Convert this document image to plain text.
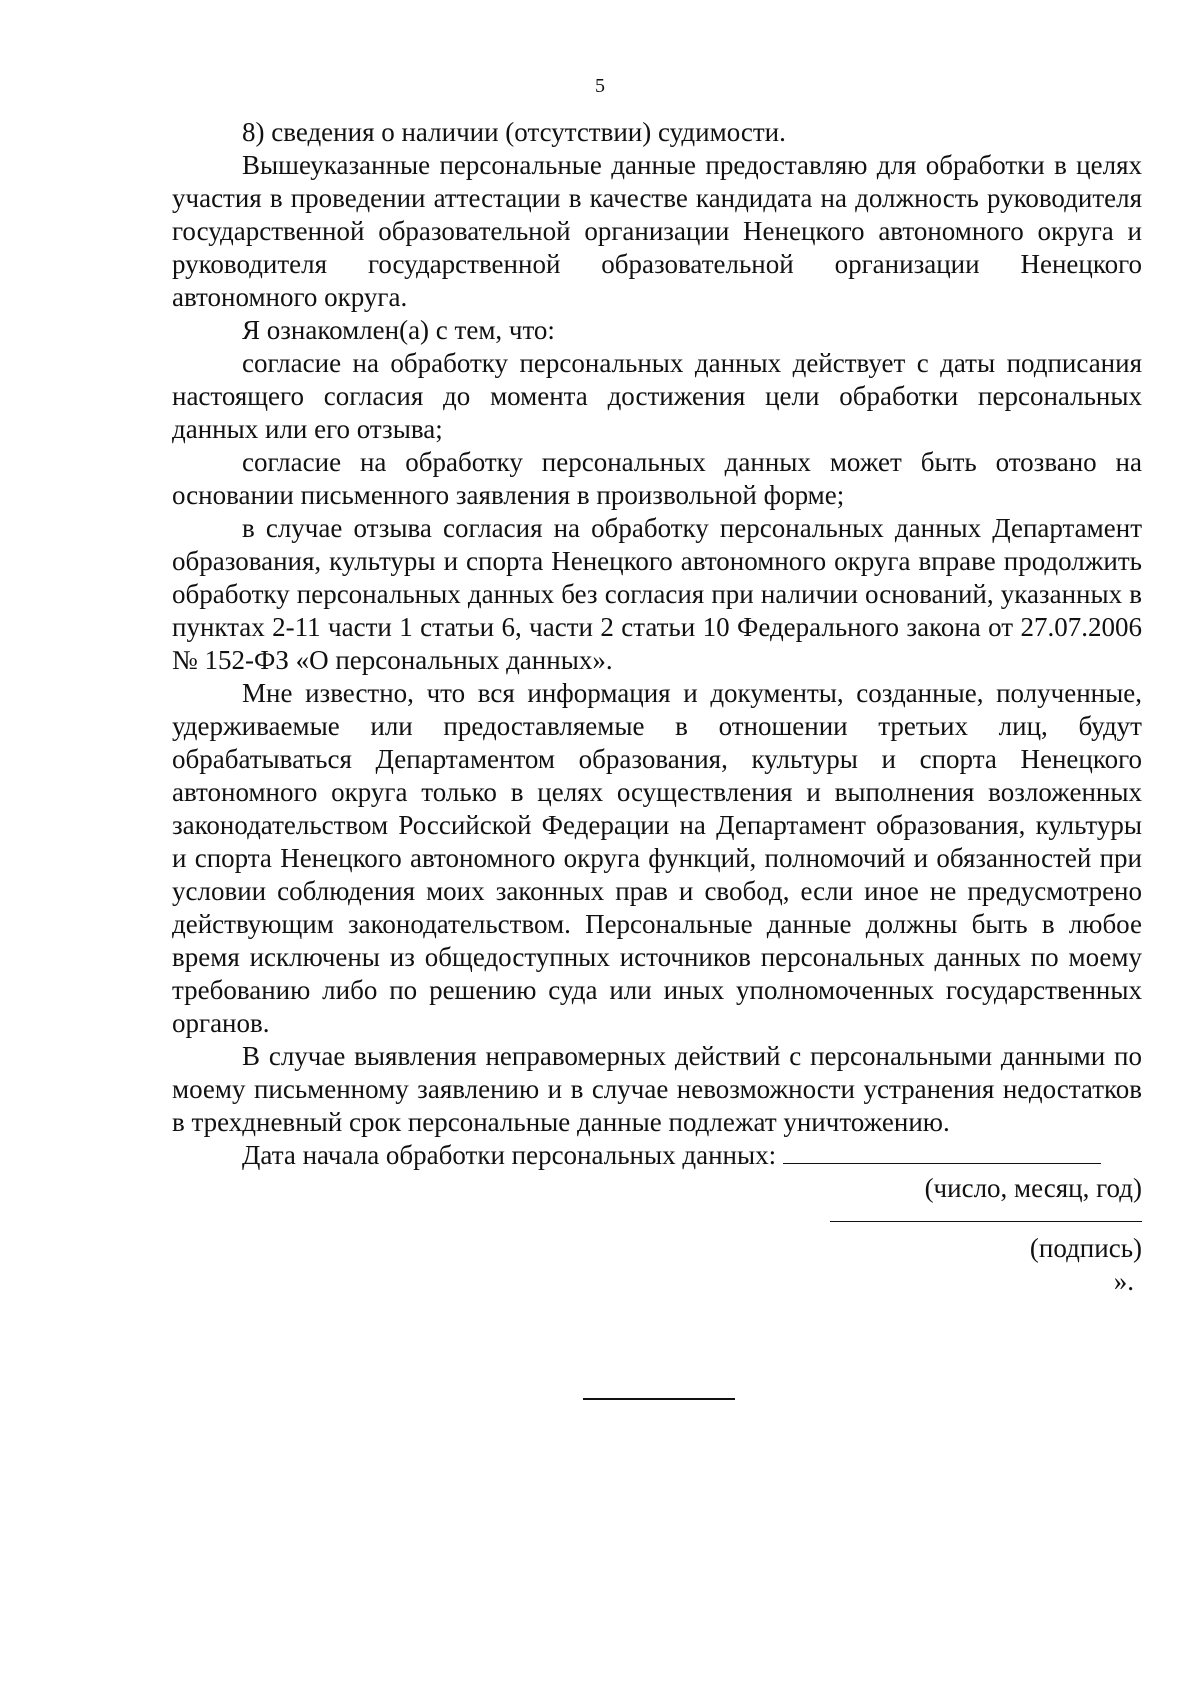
5

8) сведения о наличии (отсутствии) судимости.

Вышеуказанные персональные данные предоставляю для обработки в целях участия в проведении аттестации в качестве кандидата на должность руководителя государственной образовательной организации Ненецкого автономного округа и руководителя государственной образовательной организации Ненецкого автономного округа.

Я ознакомлен(а) с тем, что:

согласие на обработку персональных данных действует с даты подписания настоящего согласия до момента достижения цели обработки персональных данных или его отзыва;

согласие на обработку персональных данных может быть отозвано на основании письменного заявления в произвольной форме;

в случае отзыва согласия на обработку персональных данных Департамент образования, культуры и спорта Ненецкого автономного округа вправе продолжить обработку персональных данных без согласия при наличии оснований, указанных в пунктах 2-11 части 1 статьи 6, части 2 статьи 10 Федерального закона от 27.07.2006 № 152-ФЗ «О персональных данных».

Мне известно, что вся информация и документы, созданные, полученные, удерживаемые или предоставляемые в отношении третьих лиц, будут обрабатываться Департаментом образования, культуры и спорта Ненецкого автономного округа только в целях осуществления и выполнения возложенных законодательством Российской Федерации на Департамент образования, культуры и спорта Ненецкого автономного округа функций, полномочий и обязанностей при условии соблюдения моих законных прав и свобод, если иное не предусмотрено действующим законодательством. Персональные данные должны быть в любое время исключены из общедоступных источников персональных данных по моему требованию либо по решению суда или иных уполномоченных государственных органов.

В случае выявления неправомерных действий с персональными данными по моему письменному заявлению и в случае невозможности устранения недостатков в трехдневный срок персональные данные подлежат уничтожению.

Дата начала обработки персональных данных:

(число, месяц, год)

(подпись)

».
